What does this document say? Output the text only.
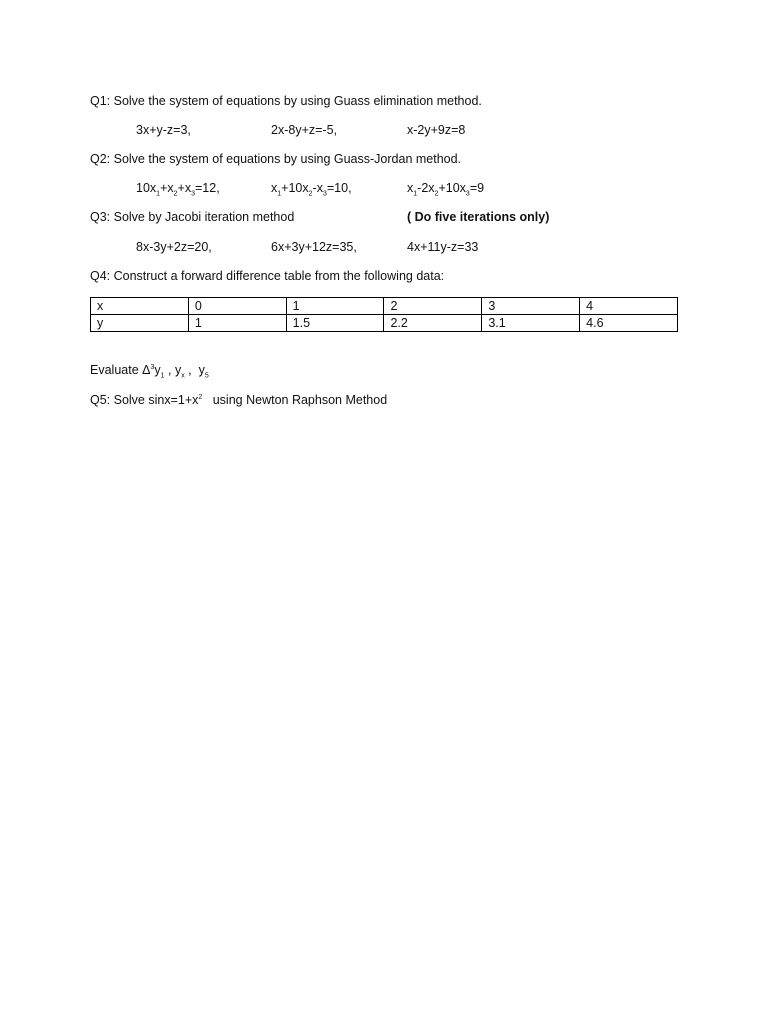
Q1: Solve the system of equations by using Guass elimination method.
3x+y-z=3,	2x-8y+z=-5,	x-2y+9z=8
Q2: Solve the system of equations by using Guass-Jordan method.
$10x_1+x_2+x_3=12$,	$x_1+10x_2-x_3=10$,	$x_1-2x_2+10x_3=9$
Q3: Solve by Jacobi iteration method	( Do five iterations only)
8x-3y+2z=20,	6x+3y+12z=35,	4x+11y-z=33
Q4: Construct a forward difference table from the following data:
x	0	1	2	3	4
y	1	1.5	2.2	3.1	4.6
Evaluate $\Delta^3y_1$ , $y_x$ ,  $y_5$
Q5: Solve $\sin x=1+x^2$   using Newton Raphson Method
